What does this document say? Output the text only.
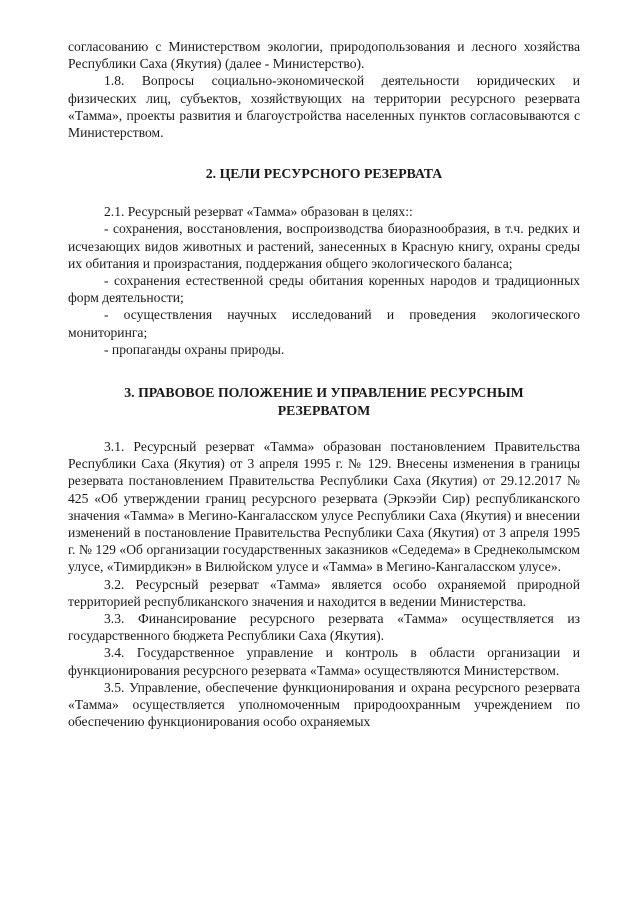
согласованию с Министерством экологии, природопользования и лесного хозяйства Республики Саха (Якутия) (далее - Министерство).

1.8. Вопросы социально-экономической деятельности юридических и физических лиц, субъектов, хозяйствующих на территории ресурсного резервата «Тамма», проекты развития и благоустройства населенных пунктов согласовываются с Министерством.

2. ЦЕЛИ РЕСУРСНОГО РЕЗЕРВАТА

2.1. Ресурсный резерват «Тамма» образован в целях::

- сохранения, восстановления, воспроизводства биоразнообразия, в т.ч. редких и исчезающих видов животных и растений, занесенных в Красную книгу, охраны среды их обитания и произрастания, поддержания общего экологического баланса;

- сохранения естественной среды обитания коренных народов и традиционных форм деятельности;

- осуществления научных исследований и проведения экологического мониторинга;

- пропаганды охраны природы.

3. ПРАВОВОЕ ПОЛОЖЕНИЕ И УПРАВЛЕНИЕ РЕСУРСНЫМ
РЕЗЕРВАТОМ

3.1. Ресурсный резерват «Тамма» образован постановлением Правительства Республики Саха (Якутия) от 3 апреля 1995 г. № 129. Внесены изменения в границы резервата постановлением Правительства Республики Саха (Якутия) от 29.12.2017 № 425 «Об утверждении границ ресурсного резервата (Эркээйи Сир) республиканского значения «Тамма» в Мегино-Кангаласском улусе Республики Саха (Якутия) и внесении изменений в постановление Правительства Республики Саха (Якутия) от 3 апреля 1995 г. № 129 «Об организации государственных заказников «Седедема» в Среднеколымском улусе, «Тимирдикэн» в Вилюйском улусе и «Тамма» в Мегино-Кангаласском улусе».

3.2. Ресурсный резерват «Тамма» является особо охраняемой природной территорией республиканского значения и находится в ведении Министерства.

3.3. Финансирование ресурсного резервата «Тамма» осуществляется из государственного бюджета Республики Саха (Якутия).

3.4. Государственное управление и контроль в области организации и функционирования ресурсного резервата «Тамма» осуществляются Министерством.

3.5. Управление, обеспечение функционирования и охрана ресурсного резервата «Тамма» осуществляется уполномоченным природоохранным учреждением по обеспечению функционирования особо охраняемых
